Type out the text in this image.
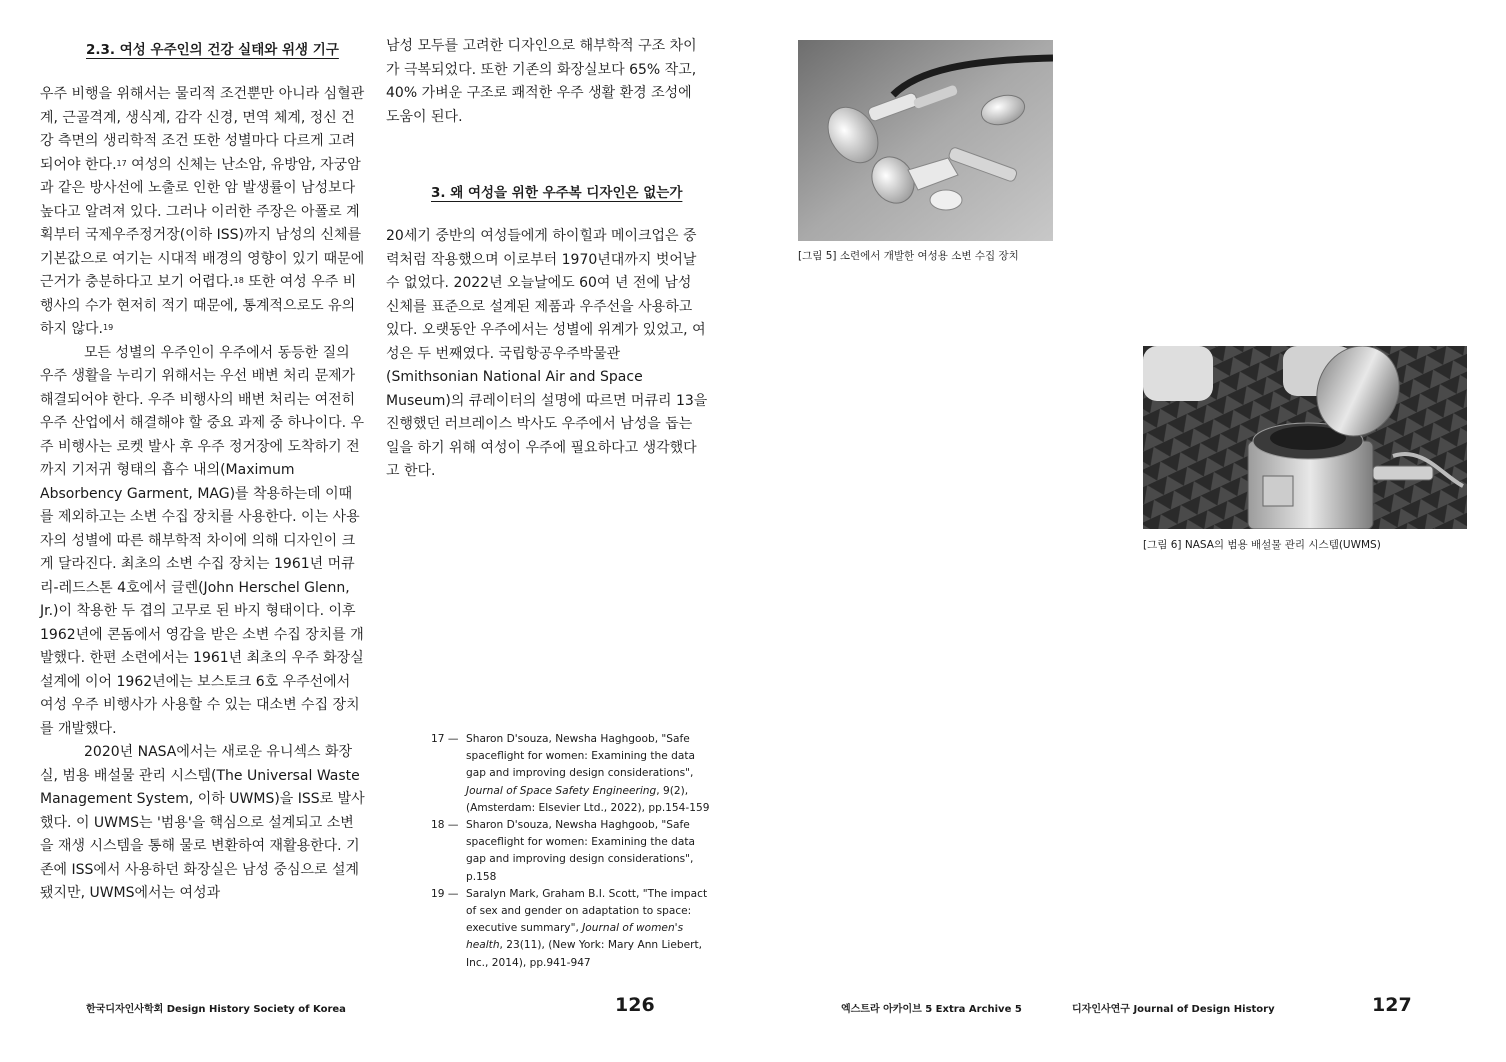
2.3. 여성 우주인의 건강 실태와 위생 기구

우주 비행을 위해서는 물리적 조건뿐만 아니라 심혈관계, 근골격계, 생식계, 감각 신경, 면역 체계, 정신 건강 측면의 생리학적 조건 또한 성별마다 다르게 고려되어야 한다.$^{17}$ 여성의 신체는 난소암, 유방암, 자궁암과 같은 방사선에 노출로 인한 암 발생률이 남성보다 높다고 알려져 있다. 그러나 이러한 주장은 아폴로 계획부터 국제우주정거장(이하 ISS)까지 남성의 신체를 기본값으로 여기는 시대적 배경의 영향이 있기 때문에 근거가 충분하다고 보기 어렵다.$^{18}$ 또한 여성 우주 비행사의 수가 현저히 적기 때문에, 통계적으로도 유의하지 않다.$^{19}$

모든 성별의 우주인이 우주에서 동등한 질의 우주 생활을 누리기 위해서는 우선 배변 처리 문제가 해결되어야 한다. 우주 비행사의 배변 처리는 여전히 우주 산업에서 해결해야 할 중요 과제 중 하나이다. 우주 비행사는 로켓 발사 후 우주 정거장에 도착하기 전까지 기저귀 형태의 흡수 내의(Maximum Absorbency Garment, MAG)를 착용하는데 이때를 제외하고는 소변 수집 장치를 사용한다. 이는 사용자의 성별에 따른 해부학적 차이에 의해 디자인이 크게 달라진다. 최초의 소변 수집 장치는 1961년 머큐리-레드스톤 4호에서 글렌(John Herschel Glenn, Jr.)이 착용한 두 겹의 고무로 된 바지 형태이다. 이후 1962년에 콘돔에서 영감을 받은 소변 수집 장치를 개발했다. 한편 소련에서는 1961년 최초의 우주 화장실 설계에 이어 1962년에는 보스토크 6호 우주선에서 여성 우주 비행사가 사용할 수 있는 대소변 수집 장치를 개발했다.

2020년 NASA에서는 새로운 유니섹스 화장실, 범용 배설물 관리 시스템(The Universal Waste Management System, 이하 UWMS)을 ISS로 발사했다. 이 UWMS는 '범용'을 핵심으로 설계되고 소변을 재생 시스템을 통해 물로 변환하여 재활용한다. 기존에 ISS에서 사용하던 화장실은 남성 중심으로 설계됐지만, UWMS에서는 여성과

남성 모두를 고려한 디자인으로 해부학적 구조 차이가 극복되었다. 또한 기존의 화장실보다 65% 작고, 40% 가벼운 구조로 쾌적한 우주 생활 환경 조성에 도움이 된다.
3. 왜 여성을 위한 우주복 디자인은 없는가
20세기 중반의 여성들에게 하이힐과 메이크업은 중력처럼 작용했으며 이로부터 1970년대까지 벗어날 수 없었다. 2022년 오늘날에도 60여 년 전에 남성 신체를 표준으로 설계된 제품과 우주선을 사용하고 있다. 오랫동안 우주에서는 성별에 위계가 있었고, 여성은 두 번째였다. 국립항공우주박물관(Smithsonian National Air and Space Museum)의 큐레이터의 설명에 따르면 머큐리 13을 진행했던 러브레이스 박사도 우주에서 남성을 돕는 일을 하기 위해 여성이 우주에 필요하다고 생각했다고 한다.
17 — Sharon D'souza, Newsha Haghgoob, "Safe spaceflight for women: Examining the data gap and improving design considerations", Journal of Space Safety Engineering, 9(2), (Amsterdam: Elsevier Ltd., 2022), pp.154-159
18 — Sharon D'souza, Newsha Haghgoob, "Safe spaceflight for women: Examining the data gap and improving design considerations", p.158
19 — Saralyn Mark, Graham B.I. Scott, "The impact of sex and gender on adaptation to space: executive summary", Journal of women's health, 23(11), (New York: Mary Ann Liebert, Inc., 2014), pp.941-947
한국디자인사학회 Design History Society of Korea	126
[그림 5] 소련에서 개발한 여성용 소변 수집 장치
[그림 6] NASA의 범용 배설물 관리 시스템(UWMS)
엑스트라 아카이브 5 Extra Archive 5	디자인사연구 Journal of Design History	127
